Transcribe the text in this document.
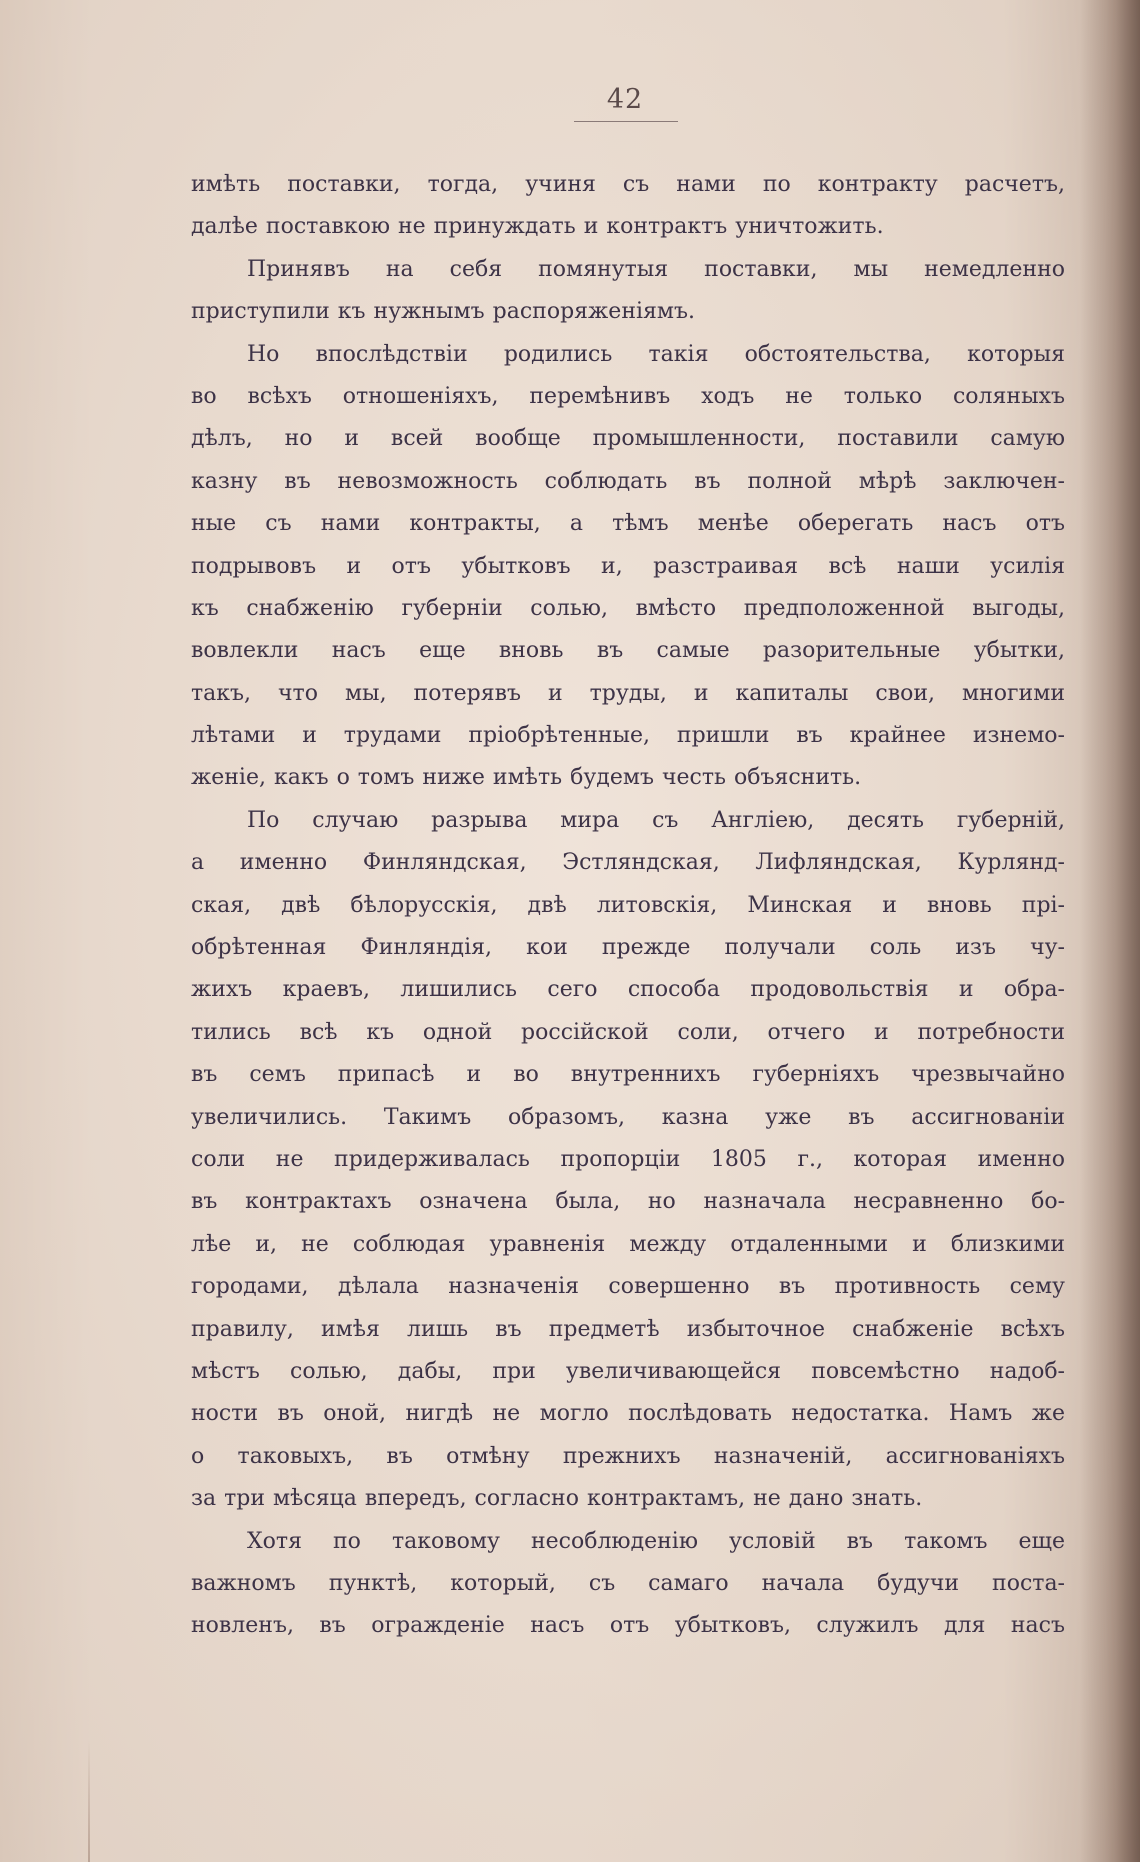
42
имѣть поставки, тогда, учиня съ нами по контракту расчетъ,
далѣе поставкою не принуждать и контрактъ уничтожить.
Принявъ на себя помянутыя поставки, мы немедленно
приступили къ нужнымъ распоряженiямъ.
Но впослѣдствiи родились такiя обстоятельства, которыя
во всѣхъ отношенiяхъ, перемѣнивъ ходъ не только соляныхъ
дѣлъ, но и всей вообще промышленности, поставили самую
казну въ невозможность соблюдать въ полной мѣрѣ заключен-
ные съ нами контракты, а тѣмъ менѣе оберегать насъ отъ
подрывовъ и отъ убытковъ и, разстраивая всѣ наши усилiя
къ снабженiю губернiи солью, вмѣсто предположенной выгоды,
вовлекли насъ еще вновь въ самые разорительные убытки,
такъ, что мы, потерявъ и труды, и капиталы свои, многими
лѣтами и трудами прiобрѣтенные, пришли въ крайнее изнемо-
женiе, какъ о томъ ниже имѣть будемъ честь объяснить.
По случаю разрыва мира съ Англiею, десять губернiй,
а именно Финляндская, Эстляндская, Лифляндская, Курлянд-
ская, двѣ бѣлорусскiя, двѣ литовскiя, Минская и вновь прi-
обрѣтенная Финляндiя, кои прежде получали соль изъ чу-
жихъ краевъ, лишились сего способа продовольствiя и обра-
тились всѣ къ одной россiйской соли, отчего и потребности
въ семъ припасѣ и во внутреннихъ губернiяхъ чрезвычайно
увеличились. Такимъ образомъ, казна уже въ ассигнованiи
соли не придерживалась пропорцiи 1805 г., которая именно
въ контрактахъ означена была, но назначала несравненно бо-
лѣе и, не соблюдая уравненiя между отдаленными и близкими
городами, дѣлала назначенiя совершенно въ противность сему
правилу, имѣя лишь въ предметѣ избыточное снабженiе всѣхъ
мѣстъ солью, дабы, при увеличивающейся повсемѣстно надоб-
ности въ оной, нигдѣ не могло послѣдовать недостатка. Намъ же
о таковыхъ, въ отмѣну прежнихъ назначенiй, ассигнованiяхъ
за три мѣсяца впередъ, согласно контрактамъ, не дано знать.
Хотя по таковому несоблюденiю условiй въ такомъ еще
важномъ пунктѣ, который, съ самаго начала будучи поста-
новленъ, въ огражденiе насъ отъ убытковъ, служилъ для насъ
